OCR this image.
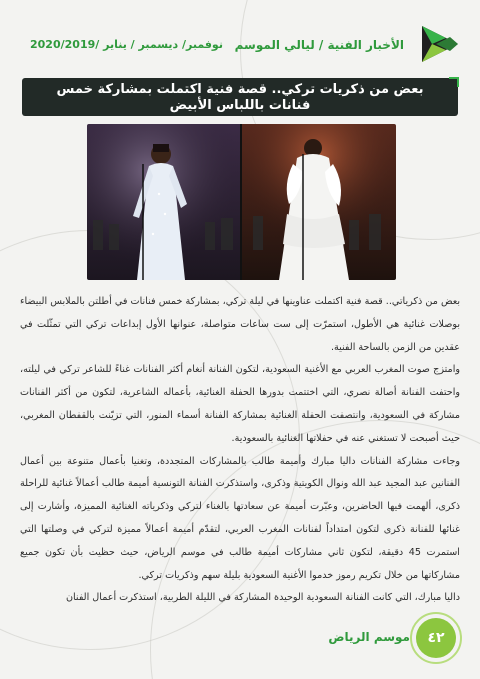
الأخبار الفنية / ليالي الموسم
نوفمبر/ ديسمبر / يناير /2020/2019
بعض من ذكريات تركي.. قصة فنية اكتملت بمشاركة خمس
فنانات باللباس الأبيض

بعض من ذكرياتي.. قصة فنية اكتملت عناوينها في ليلة تركي، بمشاركة خمس فنانات في أطلتن بالملابس البيضاء بوصلات غنائية هي الأطول، استمرّت إلى ست ساعات متواصلة، عنوانها الأول إبداعات تركي التي تمثّلت في عقدين من الزمن بالساحة الفنية.

وامتزج صوت المغرب العربي مع الأغنية السعودية، لتكون الفنانة أنغام أكثر الفنانات غناءً للشاعر تركي في ليلته، واحتفت الفنانة أصالة نصري، التي اختتمت بدورها الحفلة الغنائية، بأعماله الشاعرية، لتكون من أكثر الفنانات مشاركة في السعودية، وانتصفت الحفلة الغنائية بمشاركة الفنانة أسماء المنور، التي تزيّنت بالقفطان المغربي، حيث أصبحت لا تستغني عنه في حفلاتها الغنائية بالسعودية.

وجاءت مشاركة الفنانات داليا مبارك وأميمة طالب بالمشاركات المتجددة، وتغنيا بأعمال متنوعة بين أعمال الفنانين عبد المجيد عبد الله ونوال الكويتية وذكرى، واستذكرت الفنانة التونسية أميمة طالب أعمالاً غنائية للراحلة ذكرى، ألهمت فيها الحاضرين، وعبّرت أميمة عن سعادتها بالغناء لتركي وذكرياته الغنائية المميزة، وأشارت إلى غنائها للفنانة ذكرى لتكون امتداداً لفنانات المغرب العربي، لتقدّم أميمة أعمالاً مميزة لتركي في وصلتها التي استمرت 45 دقيقة، لتكون ثاني مشاركات أميمة طالب في موسم الرياض، حيث حظيت بأن تكون جميع مشاركاتها من خلال تكريم رموز خدموا الأغنية السعودية بليلة سهم وذكريات تركي.

داليا مبارك، التي كانت الفنانة السعودية الوحيدة المشاركة في الليلة الطربية، استذكرت أعمال الفنان

٤٢
موسم الرياض
